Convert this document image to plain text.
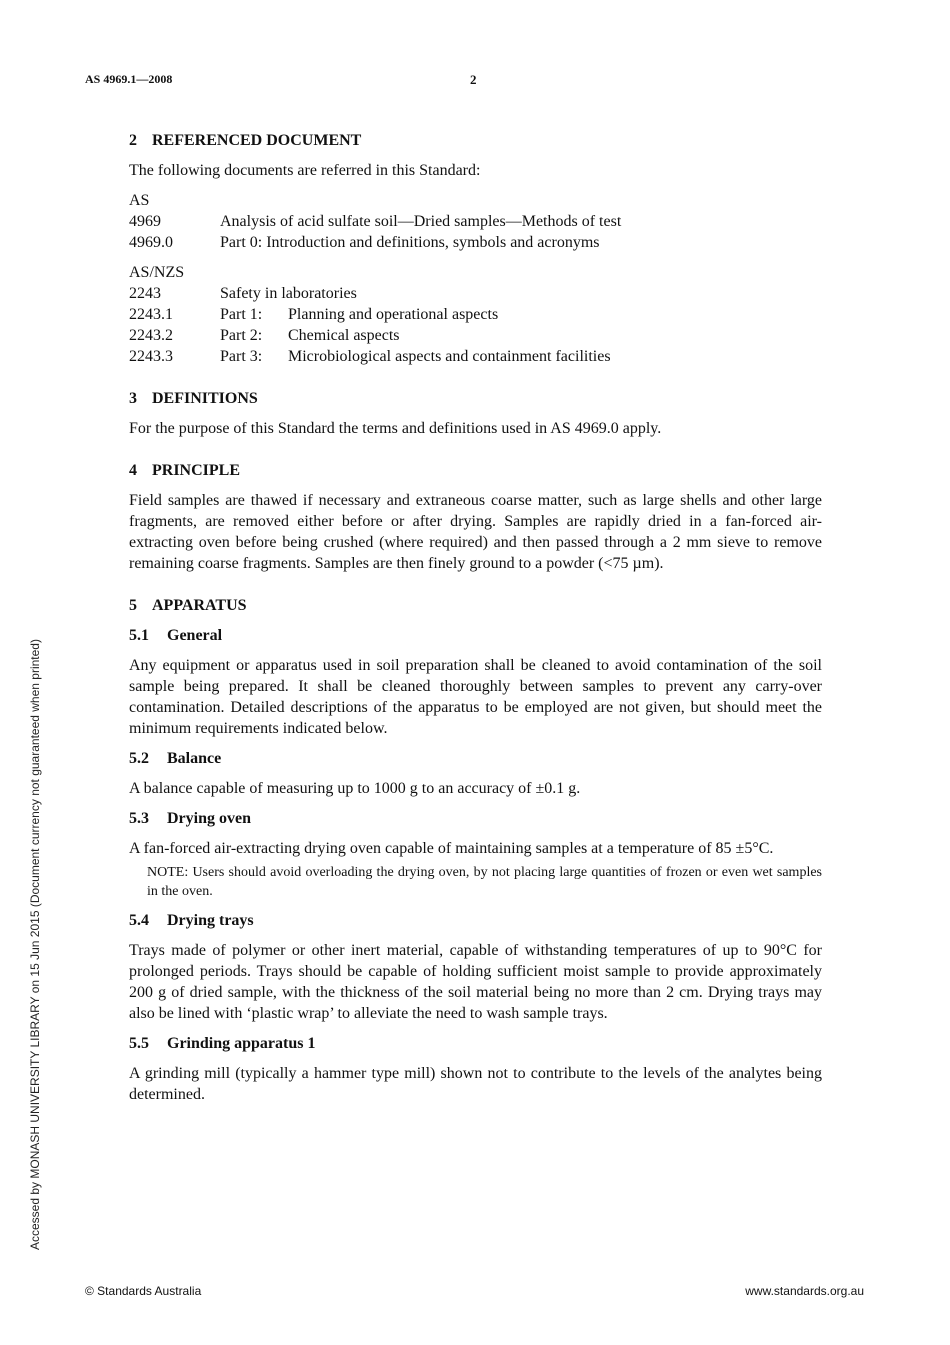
AS 4969.1—2008	2
Accessed by MONASH UNIVERSITY LIBRARY on 15 Jun 2015 (Document currency not guaranteed when printed)
2 REFERENCED DOCUMENT

The following documents are referred in this Standard:

AS
4969	Analysis of acid sulfate soil—Dried samples—Methods of test
4969.0	Part 0: Introduction and definitions, symbols and acronyms
AS/NZS
2243	Safety in laboratories
2243.1	Part 1:	Planning and operational aspects
2243.2	Part 2:	Chemical aspects
2243.3	Part 3:	Microbiological aspects and containment facilities
3 DEFINITIONS

For the purpose of this Standard the terms and definitions used in AS 4969.0 apply.

4 PRINCIPLE

Field samples are thawed if necessary and extraneous coarse matter, such as large shells and other large fragments, are removed either before or after drying. Samples are rapidly dried in a fan-forced air-extracting oven before being crushed (where required) and then passed through a 2 mm sieve to remove remaining coarse fragments. Samples are then finely ground to a powder (<75 µm).

5 APPARATUS
5.1 General

Any equipment or apparatus used in soil preparation shall be cleaned to avoid contamination of the soil sample being prepared. It shall be cleaned thoroughly between samples to prevent any carry-over contamination. Detailed descriptions of the apparatus to be employed are not given, but should meet the minimum requirements indicated below.

5.2 Balance

A balance capable of measuring up to 1000 g to an accuracy of ±0.1 g.

5.3 Drying oven

A fan-forced air-extracting drying oven capable of maintaining samples at a temperature of 85 ±5°C.

NOTE: Users should avoid overloading the drying oven, by not placing large quantities of frozen or even wet samples in the oven.
5.4 Drying trays

Trays made of polymer or other inert material, capable of withstanding temperatures of up to 90°C for prolonged periods. Trays should be capable of holding sufficient moist sample to provide approximately 200 g of dried sample, with the thickness of the soil material being no more than 2 cm. Drying trays may also be lined with ‘plastic wrap’ to alleviate the need to wash sample trays.

5.5 Grinding apparatus 1

A grinding mill (typically a hammer type mill) shown not to contribute to the levels of the analytes being determined.

© Standards Australia	www.standards.org.au
